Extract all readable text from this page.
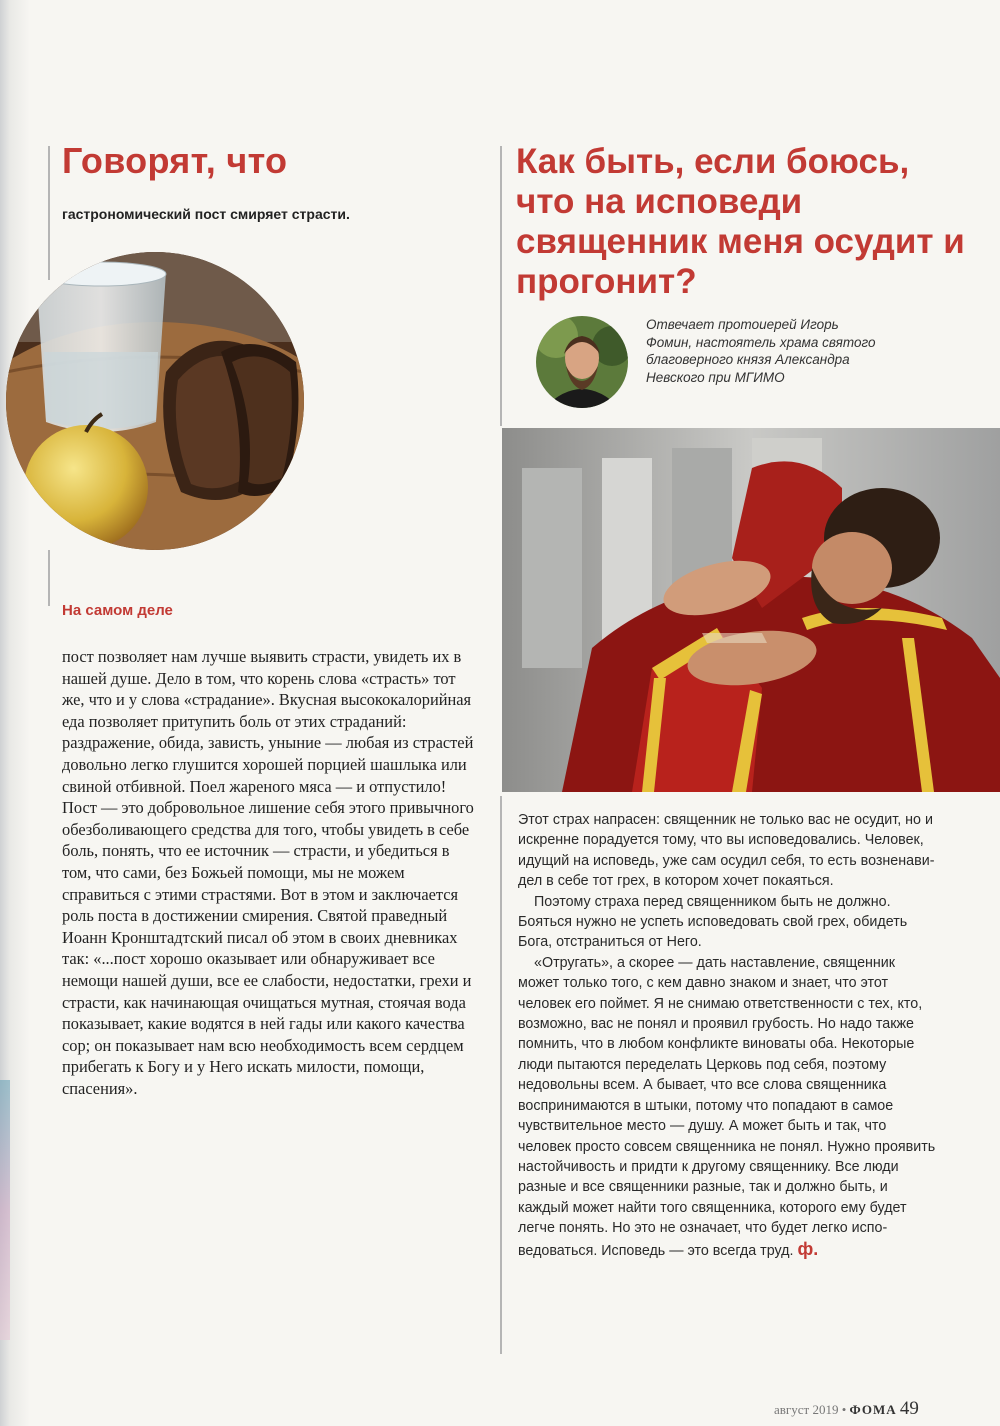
Говорят, что
гастрономический пост смиряет страсти.
На самом деле

пост позволяет нам лучше выявить страсти, увидеть их в нашей душе. Дело в том, что корень слова «страсть» тот же, что и у слова «страдание». Вкусная высококалорийная еда позволяет притупить боль от этих страданий: раздражение, обида, зависть, уныние — любая из страстей довольно легко глушится хорошей порцией шашлыка или свиной отбивной. Поел жареного мяса — и отпустило! Пост — это добровольное лишение себя этого привычного обезболивающего средства для того, чтобы увидеть в себе боль, понять, что ее источник — страсти, и убедиться в том, что сами, без Божьей помощи, мы не можем справиться с этими страстями. Вот в этом и заключается роль поста в достижении смирения. Святой праведный Иоанн Кронштадтский писал об этом в своих дневниках так: «...пост хорошо оказывает или обнаруживает все немощи нашей души, все ее слабости, недостатки, грехи и страсти, как начинающая очищаться мутная, стоячая вода показывает, какие водятся в ней гады или какого качества сор; он показывает нам всю необходимость всем сердцем прибегать к Богу и у Него искать милости, помощи, спасения».

Как быть, если боюсь, что на исповеди священник меня осудит и прогонит?
Отвечает протоиерей Игорь Фомин, настоятель храма святого благоверного князя Александра Невского при МГИМО

Этот страх напрасен: священник не только вас не осудит, но и искренне порадуется тому, что вы исповедовались. Человек, идущий на исповедь, уже сам осудил себя, то есть возненавидел в себе тот грех, в котором хочет покаяться.

Поэтому страха перед священником быть не должно. Бояться нужно не успеть исповедовать свой грех, обидеть Бога, отстраниться от Него.

«Отругать», а скорее — дать наставление, священник может только того, с кем давно знаком и знает, что этот человек его поймет. Я не снимаю ответственности с тех, кто, возможно, вас не понял и проявил грубость. Но надо также помнить, что в любом конфликте виноваты оба. Некоторые люди пытаются переделать Церковь под себя, поэтому недовольны всем. А бывает, что все слова священника воспринимаются в штыки, потому что попадают в самое чувствительное место — душу. А может быть и так, что человек просто совсем священника не понял. Нужно проявить настойчивость и придти к другому священнику. Все люди разные и все священники разные, так и должно быть, и каждый может найти того священника, которого ему будет легче понять. Но это не означает, что будет легко исповедоваться. Исповедь — это всегда труд. ф.

август 2019 • ФОМА 49
